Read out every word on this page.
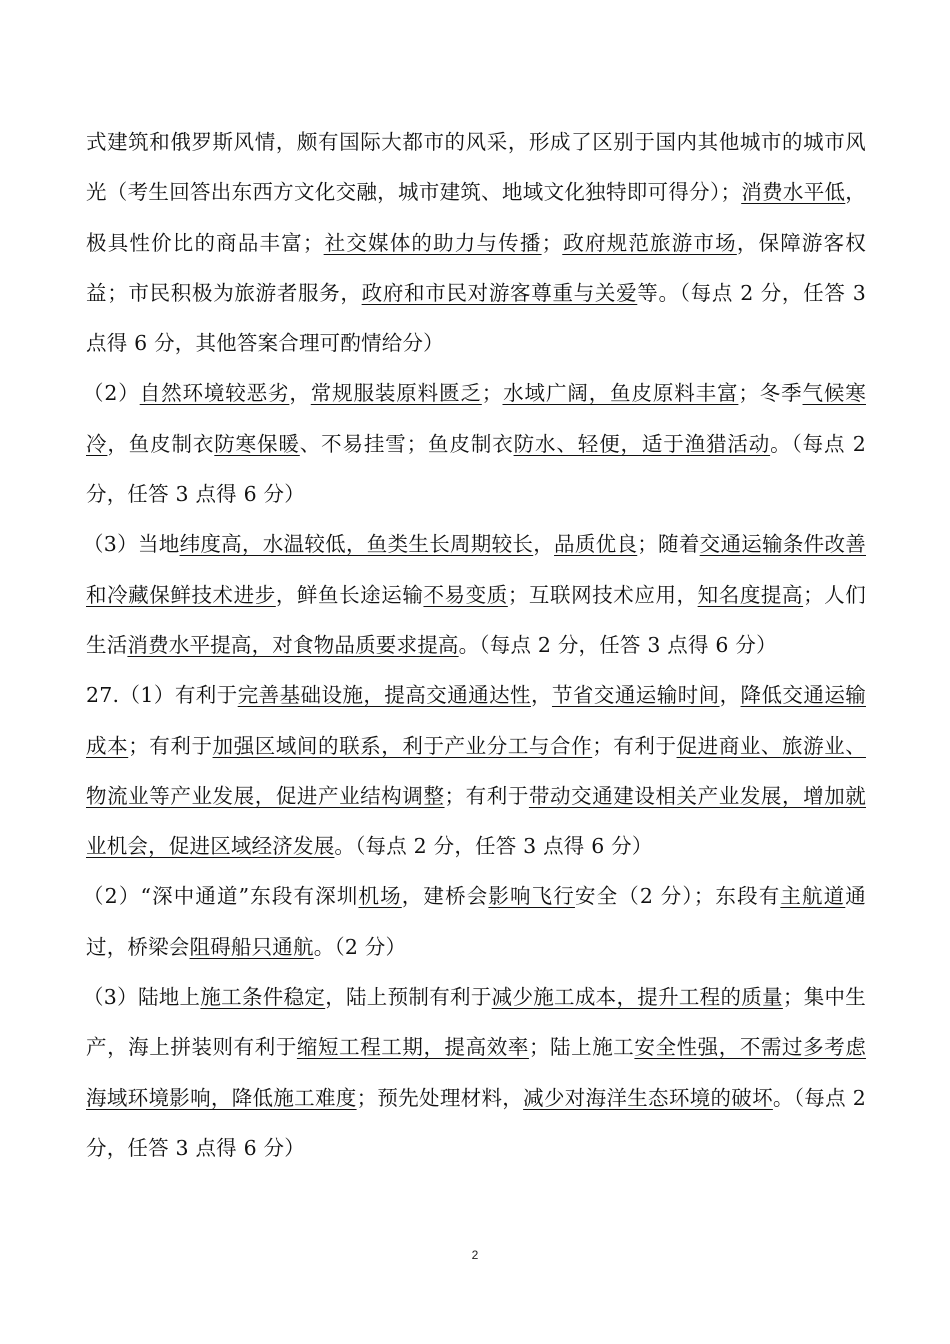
式建筑和俄罗斯风情，颇有国际大都市的风采，形成了区别于国内其他城市的城市风光（考生回答出东西方文化交融，城市建筑、地域文化独特即可得分）；消费水平低，极具性价比的商品丰富；社交媒体的助力与传播；政府规范旅游市场，保障游客权益；市民积极为旅游者服务，政府和市民对游客尊重与关爱等。（每点 2 分，任答 3 点得 6 分，其他答案合理可酌情给分）

（2）自然环境较恶劣，常规服装原料匮乏；水域广阔，鱼皮原料丰富；冬季气候寒冷，鱼皮制衣防寒保暖、不易挂雪；鱼皮制衣防水、轻便，适于渔猎活动。（每点 2 分，任答 3 点得 6 分）

（3）当地纬度高，水温较低，鱼类生长周期较长，品质优良；随着交通运输条件改善和冷藏保鲜技术进步，鲜鱼长途运输不易变质；互联网技术应用，知名度提高；人们生活消费水平提高，对食物品质要求提高。（每点 2 分，任答 3 点得 6 分）

27.（1）有利于完善基础设施，提高交通通达性，节省交通运输时间，降低交通运输成本；有利于加强区域间的联系，利于产业分工与合作；有利于促进商业、旅游业、物流业等产业发展，促进产业结构调整；有利于带动交通建设相关产业发展，增加就业机会，促进区域经济发展。（每点 2 分，任答 3 点得 6 分）

（2）“深中通道”东段有深圳机场，建桥会影响飞行安全（2 分）；东段有主航道通过，桥梁会阻碍船只通航。（2 分）

（3）陆地上施工条件稳定，陆上预制有利于减少施工成本，提升工程的质量；集中生产，海上拼装则有利于缩短工程工期，提高效率；陆上施工安全性强，不需过多考虑海域环境影响，降低施工难度；预先处理材料，减少对海洋生态环境的破坏。（每点 2 分，任答 3 点得 6 分）

2
